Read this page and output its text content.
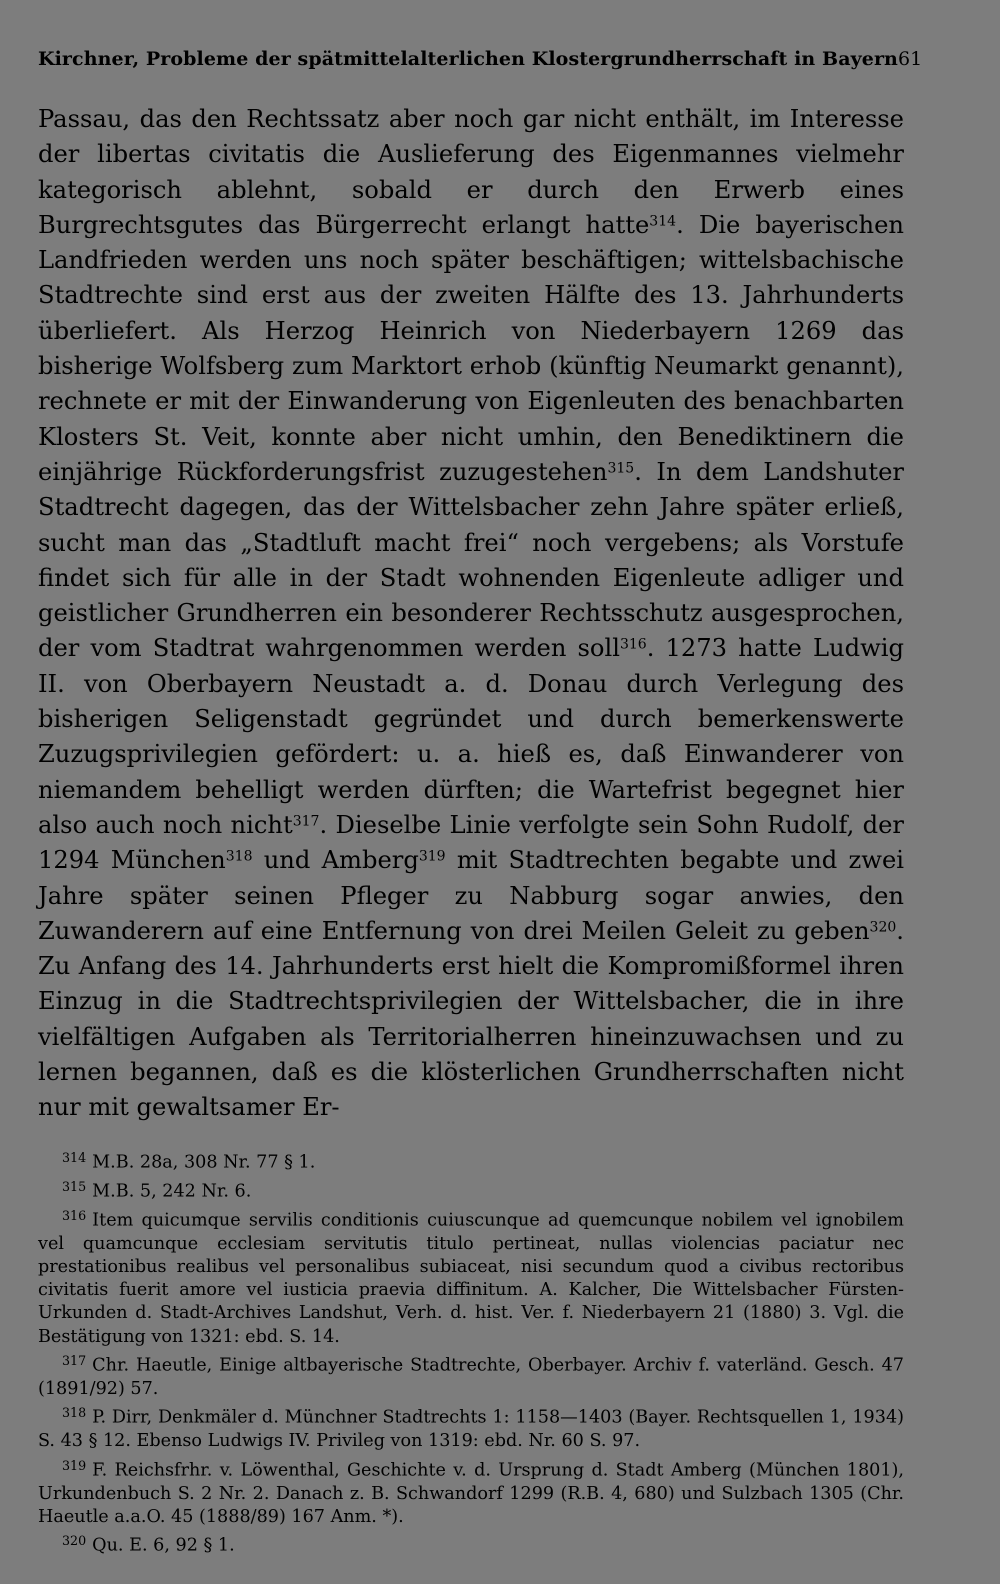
Kirchner, Probleme der spätmittelalterlichen Klostergrundherrschaft in Bayern 61
Passau, das den Rechtssatz aber noch gar nicht enthält, im Interesse der libertas civitatis die Auslieferung des Eigenmannes vielmehr kategorisch ablehnt, sobald er durch den Erwerb eines Burgrechtsgutes das Bürgerrecht erlangt hatte$^{314}$. Die bayerischen Landfrieden werden uns noch später beschäftigen; wittelsbachische Stadtrechte sind erst aus der zweiten Hälfte des 13. Jahrhunderts überliefert. Als Herzog Heinrich von Niederbayern 1269 das bisherige Wolfsberg zum Marktort erhob (künftig Neumarkt genannt), rechnete er mit der Einwanderung von Eigenleuten des benachbarten Klosters St. Veit, konnte aber nicht umhin, den Benediktinern die einjährige Rückforderungsfrist zuzugestehen$^{315}$. In dem Landshuter Stadtrecht dagegen, das der Wittelsbacher zehn Jahre später erließ, sucht man das „Stadtluft macht frei“ noch vergebens; als Vorstufe findet sich für alle in der Stadt wohnenden Eigenleute adliger und geistlicher Grundherren ein besonderer Rechtsschutz ausgesprochen, der vom Stadtrat wahrgenommen werden soll$^{316}$. 1273 hatte Ludwig II. von Oberbayern Neustadt a. d. Donau durch Verlegung des bisherigen Seligenstadt gegründet und durch bemerkenswerte Zuzugsprivilegien gefördert: u. a. hieß es, daß Einwanderer von niemandem behelligt werden dürften; die Wartefrist begegnet hier also auch noch nicht$^{317}$. Dieselbe Linie verfolgte sein Sohn Rudolf, der 1294 München$^{318}$ und Amberg$^{319}$ mit Stadtrechten begabte und zwei Jahre später seinen Pfleger zu Nabburg sogar anwies, den Zuwanderern auf eine Entfernung von drei Meilen Geleit zu geben$^{320}$. Zu Anfang des 14. Jahrhunderts erst hielt die Kompromißformel ihren Einzug in die Stadtrechtsprivilegien der Wittelsbacher, die in ihre vielfältigen Aufgaben als Territorialherren hineinzuwachsen und zu lernen begannen, daß es die klösterlichen Grundherrschaften nicht nur mit gewaltsamer Er-

$^{314}$ M.B. 28a, 308 Nr. 77 § 1.

$^{315}$ M.B. 5, 242 Nr. 6.

$^{316}$ Item quicumque servilis conditionis cuiuscunque ad quemcunque nobilem vel ignobilem vel quamcunque ecclesiam servitutis titulo pertineat, nullas violencias paciatur nec prestationibus realibus vel personalibus subiaceat, nisi secundum quod a civibus rectoribus civitatis fuerit amore vel iusticia praevia diffinitum. A. Kalcher, Die Wittelsbacher Fürsten-Urkunden d. Stadt-Archives Landshut, Verh. d. hist. Ver. f. Niederbayern 21 (1880) 3. Vgl. die Bestätigung von 1321: ebd. S. 14.

$^{317}$ Chr. Haeutle, Einige altbayerische Stadtrechte, Oberbayer. Archiv f. vaterländ. Gesch. 47 (1891/92) 57.

$^{318}$ P. Dirr, Denkmäler d. Münchner Stadtrechts 1: 1158—1403 (Bayer. Rechtsquellen 1, 1934) S. 43 § 12. Ebenso Ludwigs IV. Privileg von 1319: ebd. Nr. 60 S. 97.

$^{319}$ F. Reichsfrhr. v. Löwenthal, Geschichte v. d. Ursprung d. Stadt Amberg (München 1801), Urkundenbuch S. 2 Nr. 2. Danach z. B. Schwandorf 1299 (R.B. 4, 680) und Sulzbach 1305 (Chr. Haeutle a.a.O. 45 (1888/89) 167 Anm. *).

$^{320}$ Qu. E. 6, 92 § 1.
